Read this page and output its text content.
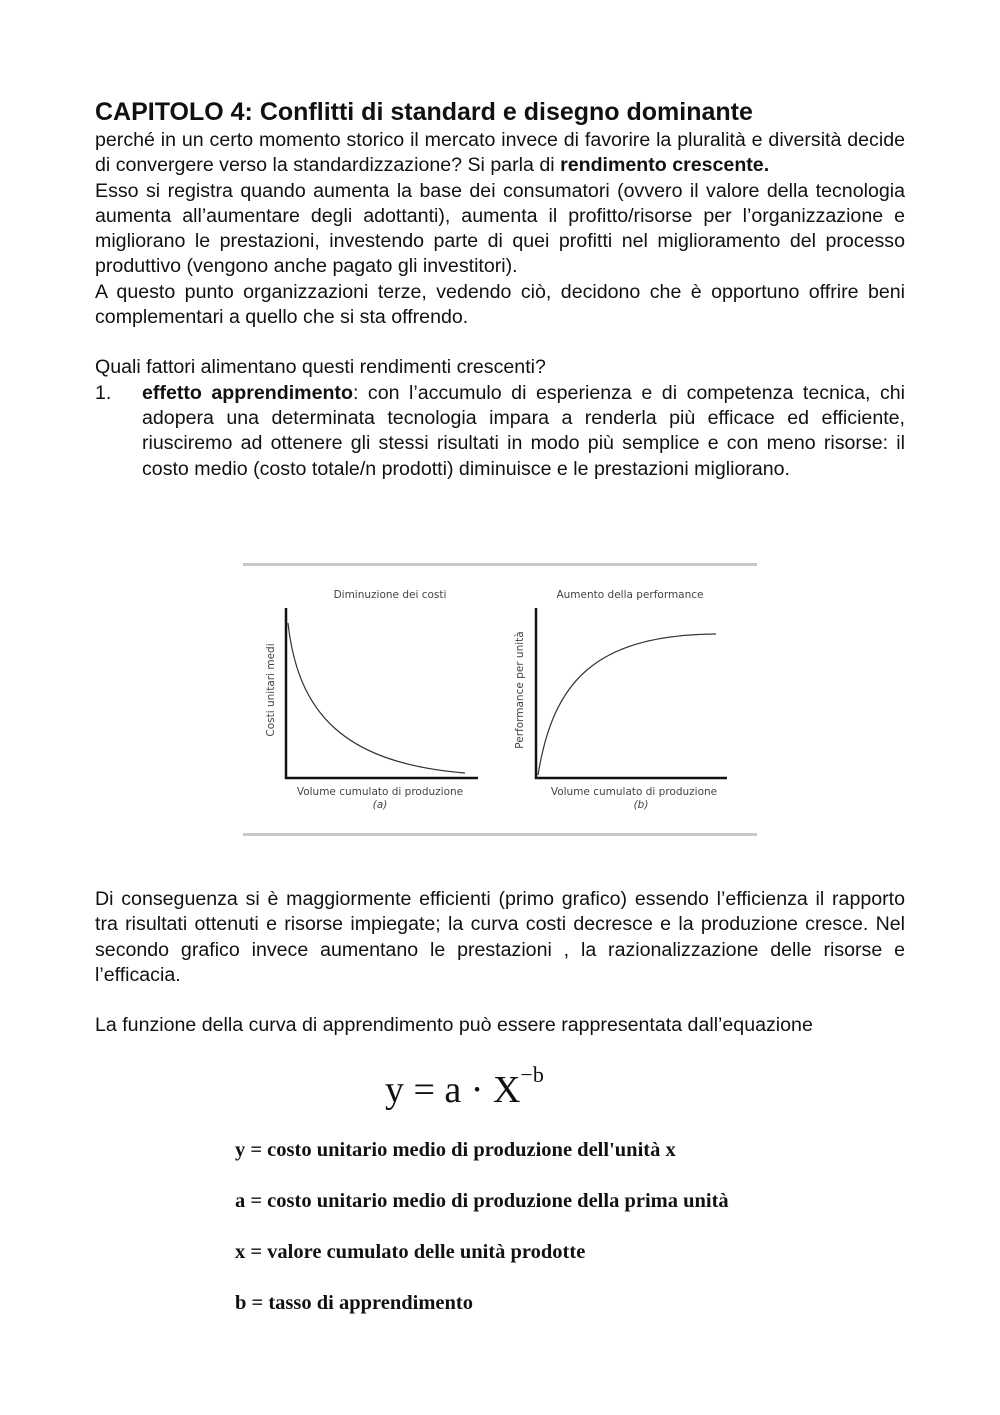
CAPITOLO 4: Conflitti di standard e disegno dominante

perché in un certo momento storico il mercato invece di favorire la pluralità e diversità decide di convergere verso la standardizzazione? Si parla di rendimento crescente.

Esso si registra quando aumenta la base dei consumatori (ovvero il valore della tecnologia aumenta all’aumentare degli adottanti), aumenta il profitto/risorse per l’organizzazione e migliorano le prestazioni, investendo parte di quei profitti nel miglioramento del processo produttivo (vengono anche pagato gli investitori).

A questo punto organizzazioni terze, vedendo ciò, decidono che è opportuno offrire beni complementari a quello che si sta offrendo.

Quali fattori alimentano questi rendimenti crescenti?

1.	effetto apprendimento: con l’accumulo di esperienza e di competenza tecnica, chi adopera una determinata tecnologia impara a renderla più efficace ed efficiente, riusciremo ad ottenere gli stessi risultati in modo più semplice e con meno risorse: il costo medio (costo totale/n prodotti) diminuisce e le prestazioni migliorano.
Diminuzione dei costi
Costi unitari medi
Volume cumulato di produzione
(a)
Aumento della performance
Performance per unità
Volume cumulato di produzione
(b)

Di conseguenza si è maggiormente efficienti (primo grafico) essendo l’efficienza il rapporto tra risultati ottenuti e risorse impiegate; la curva costi decresce e la produzione cresce. Nel secondo grafico invece aumentano le prestazioni , la razionalizzazione delle risorse e l’efficacia.

La funzione della curva di apprendimento può essere rappresentata dall’equazione

$y = a \cdot X^{-b}$
y = costo unitario medio di produzione dell'unità x
a = costo unitario medio di produzione della prima unità
x = valore cumulato delle unità prodotte
b = tasso di apprendimento
